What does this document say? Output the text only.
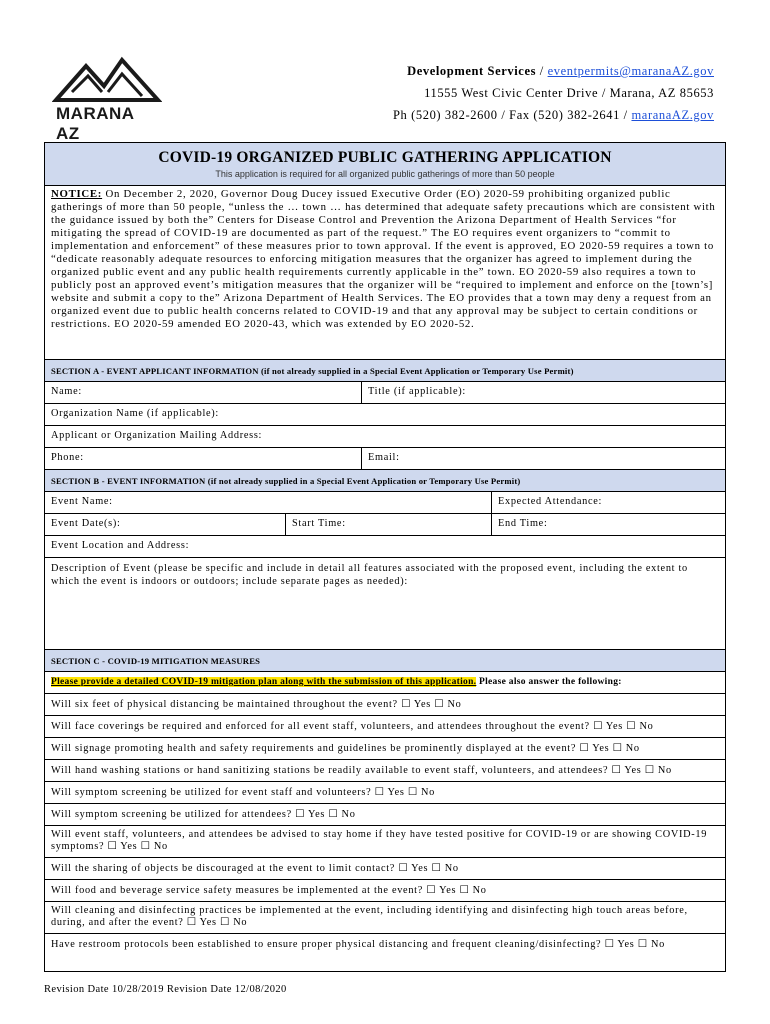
MARANA AZ
Development Services / eventpermits@maranaAZ.gov
11555 West Civic Center Drive / Marana, AZ 85653
Ph (520) 382-2600 / Fax (520) 382-2641 / maranaAZ.gov
COVID-19 ORGANIZED PUBLIC GATHERING APPLICATION
This application is required for all organized public gatherings of more than 50 people
NOTICE: On December 2, 2020, Governor Doug Ducey issued Executive Order (EO) 2020-59 prohibiting organized public gatherings of more than 50 people, “unless the … town … has determined that adequate safety precautions which are consistent with the guidance issued by both the” Centers for Disease Control and Prevention the Arizona Department of Health Services “for mitigating the spread of COVID-19 are documented as part of the request.” The EO requires event organizers to “commit to implementation and enforcement” of these measures prior to town approval. If the event is approved, EO 2020-59 requires a town to “dedicate reasonably adequate resources to enforcing mitigation measures that the organizer has agreed to implement during the organized public event and any public health requirements currently applicable in the” town. EO 2020-59 also requires a town to publicly post an approved event’s mitigation measures that the organizer will be “required to implement and enforce on the [town’s] website and submit a copy to the” Arizona Department of Health Services. The EO provides that a town may deny a request from an organized event due to public health concerns related to COVID-19 and that any approval may be subject to certain conditions or restrictions. EO 2020-59 amended EO 2020-43, which was extended by EO 2020-52.
SECTION A - EVENT APPLICANT INFORMATION (if not already supplied in a Special Event Application or Temporary Use Permit)
Name:	Title (if applicable):
Organization Name (if applicable):
Applicant or Organization Mailing Address:
Phone:	Email:
SECTION B - EVENT INFORMATION (if not already supplied in a Special Event Application or Temporary Use Permit)
Event Name:	Expected Attendance:
Event Date(s):	Start Time:	End Time:
Event Location and Address:
Description of Event (please be specific and include in detail all features associated with the proposed event, including the extent to which the event is indoors or outdoors; include separate pages as needed):
SECTION C - COVID-19 MITIGATION MEASURES
Please provide a detailed COVID-19 mitigation plan along with the submission of this application. Please also answer the following:
Will six feet of physical distancing be maintained throughout the event? ☐ Yes ☐ No
Will face coverings be required and enforced for all event staff, volunteers, and attendees throughout the event? ☐ Yes ☐ No
Will signage promoting health and safety requirements and guidelines be prominently displayed at the event? ☐ Yes ☐ No
Will hand washing stations or hand sanitizing stations be readily available to event staff, volunteers, and attendees? ☐ Yes ☐ No
Will symptom screening be utilized for event staff and volunteers? ☐ Yes ☐ No
Will symptom screening be utilized for attendees? ☐ Yes ☐ No
Will event staff, volunteers, and attendees be advised to stay home if they have tested positive for COVID-19 or are showing COVID-19 symptoms? ☐ Yes ☐ No
Will the sharing of objects be discouraged at the event to limit contact? ☐ Yes ☐ No
Will food and beverage service safety measures be implemented at the event? ☐ Yes ☐ No
Will cleaning and disinfecting practices be implemented at the event, including identifying and disinfecting high touch areas before, during, and after the event? ☐ Yes ☐ No
Have restroom protocols been established to ensure proper physical distancing and frequent cleaning/disinfecting? ☐ Yes ☐ No
Revision Date 10/28/2019 Revision Date 12/08/2020
